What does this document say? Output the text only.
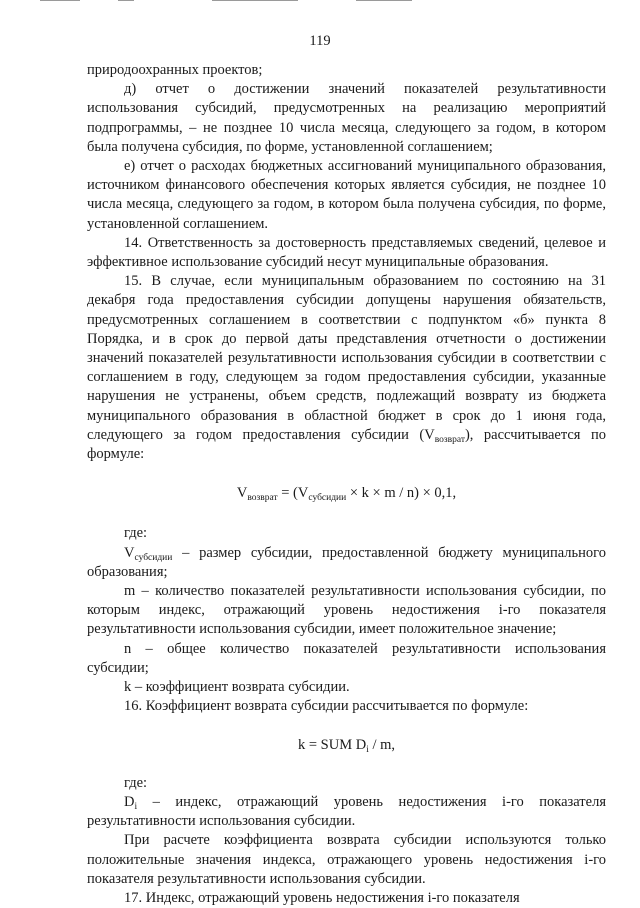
119

природоохранных проектов;

д) отчет о достижении значений показателей результативности использования субсидий, предусмотренных на реализацию мероприятий подпрограммы, – не позднее 10 числа месяца, следующего за годом, в котором была получена субсидия, по форме, установленной соглашением;

е) отчет о расходах бюджетных ассигнований муниципального образования, источником финансового обеспечения которых является субсидия, не позднее 10 числа месяца, следующего за годом, в котором была получена субсидия, по форме, установленной соглашением.

14. Ответственность за достоверность представляемых сведений, целевое и эффективное использование субсидий несут муниципальные образования.

15. В случае, если муниципальным образованием по состоянию на 31 декабря года предоставления субсидии допущены нарушения обязательств, предусмотренных соглашением в соответствии с подпунктом «б» пункта 8 Порядка, и в срок до первой даты представления отчетности о достижении значений показателей результативности использования субсидии в соответствии с соглашением в году, следующем за годом предоставления субсидии, указанные нарушения не устранены, объем средств, подлежащий возврату из бюджета муниципального образования в областной бюджет в срок до 1 июня года, следующего за годом предоставления субсидии $(V_{возврат})$, рассчитывается по формуле:

$V_{возврат} = (V_{субсидии} \times k \times m / n) \times 0,1$,

где:

$V_{субсидии}$ – размер субсидии, предоставленной бюджету муниципального образования;

m – количество показателей результативности использования субсидии, по которым индекс, отражающий уровень недостижения i-го показателя результативности использования субсидии, имеет положительное значение;

n – общее количество показателей результативности использования субсидии;

k – коэффициент возврата субсидии.

16. Коэффициент возврата субсидии рассчитывается по формуле:

k = SUM $D_i$ / m,

где:

$D_i$ – индекс, отражающий уровень недостижения i-го показателя результативности использования субсидии.

При расчете коэффициента возврата субсидии используются только положительные значения индекса, отражающего уровень недостижения i-го показателя результативности использования субсидии.

17. Индекс, отражающий уровень недостижения i-го показателя
